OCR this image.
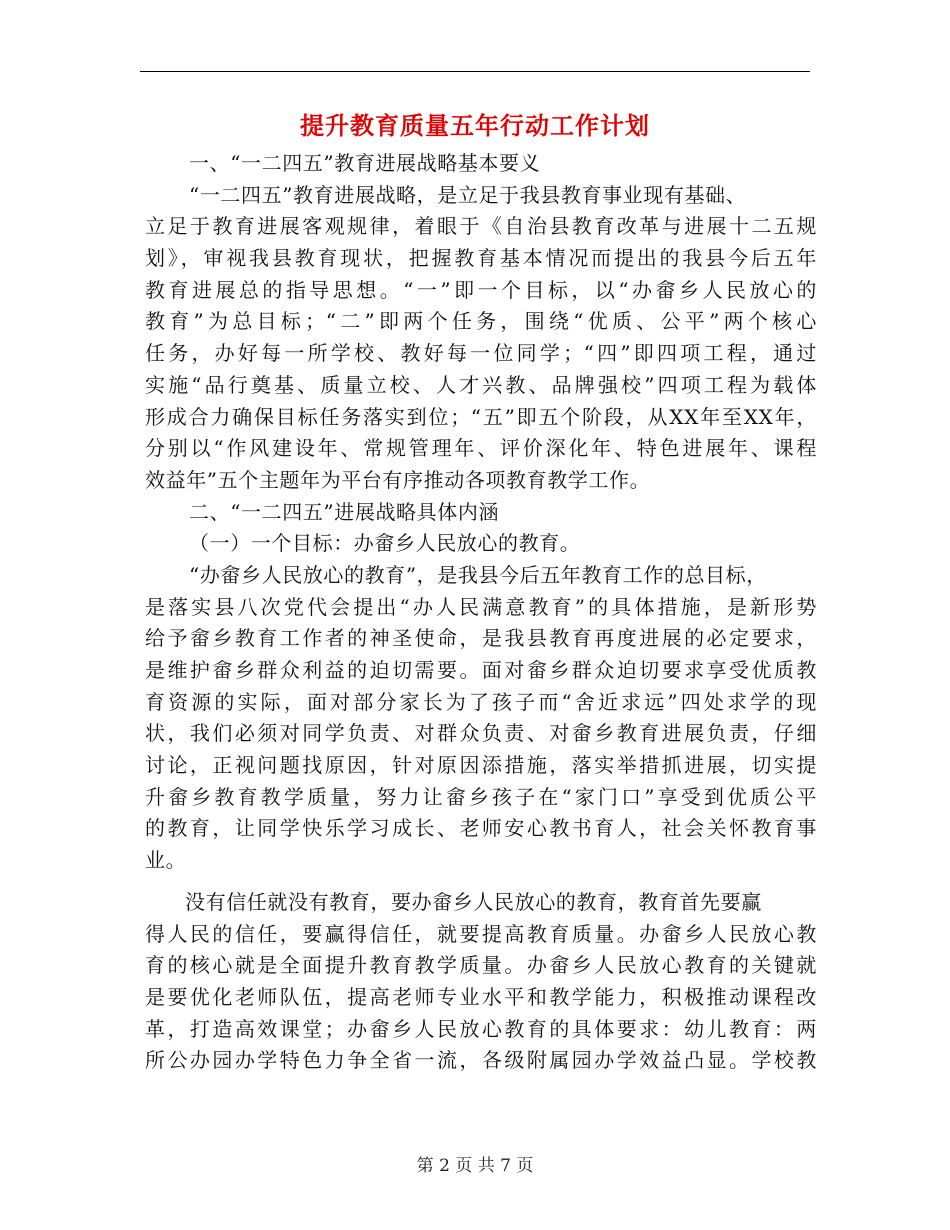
提升教育质量五年行动工作计划
一、“一二四五”教育进展战略基本要义
“一二四五”教育进展战略，是立足于我县教育事业现有基础、
立足于教育进展客观规律，着眼于《自治县教育改革与进展十二五规
划》，审视我县教育现状，把握教育基本情况而提出的我县今后五年
教育进展总的指导思想。“一”即一个目标，以“办畲乡人民放心的
教育”为总目标；“二”即两个任务，围绕“优质、公平”两个核心
任务，办好每一所学校、教好每一位同学；“四”即四项工程，通过
实施“品行奠基、质量立校、人才兴教、品牌强校”四项工程为载体
形成合力确保目标任务落实到位；“五”即五个阶段，从XX年至XX年，
分别以“作风建设年、常规管理年、评价深化年、特色进展年、课程
效益年”五个主题年为平台有序推动各项教育教学工作。
二、“一二四五”进展战略具体内涵
（一）一个目标：办畲乡人民放心的教育。
“办畲乡人民放心的教育”，是我县今后五年教育工作的总目标，
是落实县八次党代会提出“办人民满意教育”的具体措施，是新形势
给予畲乡教育工作者的神圣使命，是我县教育再度进展的必定要求，
是维护畲乡群众利益的迫切需要。面对畲乡群众迫切要求享受优质教
育资源的实际，面对部分家长为了孩子而“舍近求远”四处求学的现
状，我们必须对同学负责、对群众负责、对畲乡教育进展负责，仔细
讨论，正视问题找原因，针对原因添措施，落实举措抓进展，切实提
升畲乡教育教学质量，努力让畲乡孩子在“家门口”享受到优质公平
的教育，让同学快乐学习成长、老师安心教书育人，社会关怀教育事
业。
没有信任就没有教育，要办畲乡人民放心的教育，教育首先要赢
得人民的信任，要赢得信任，就要提高教育质量。办畲乡人民放心教
育的核心就是全面提升教育教学质量。办畲乡人民放心教育的关键就
是要优化老师队伍，提高老师专业水平和教学能力，积极推动课程改
革，打造高效课堂；办畲乡人民放心教育的具体要求：幼儿教育：两
所公办园办学特色力争全省一流，各级附属园办学效益凸显。学校教
第 2 页 共 7 页
